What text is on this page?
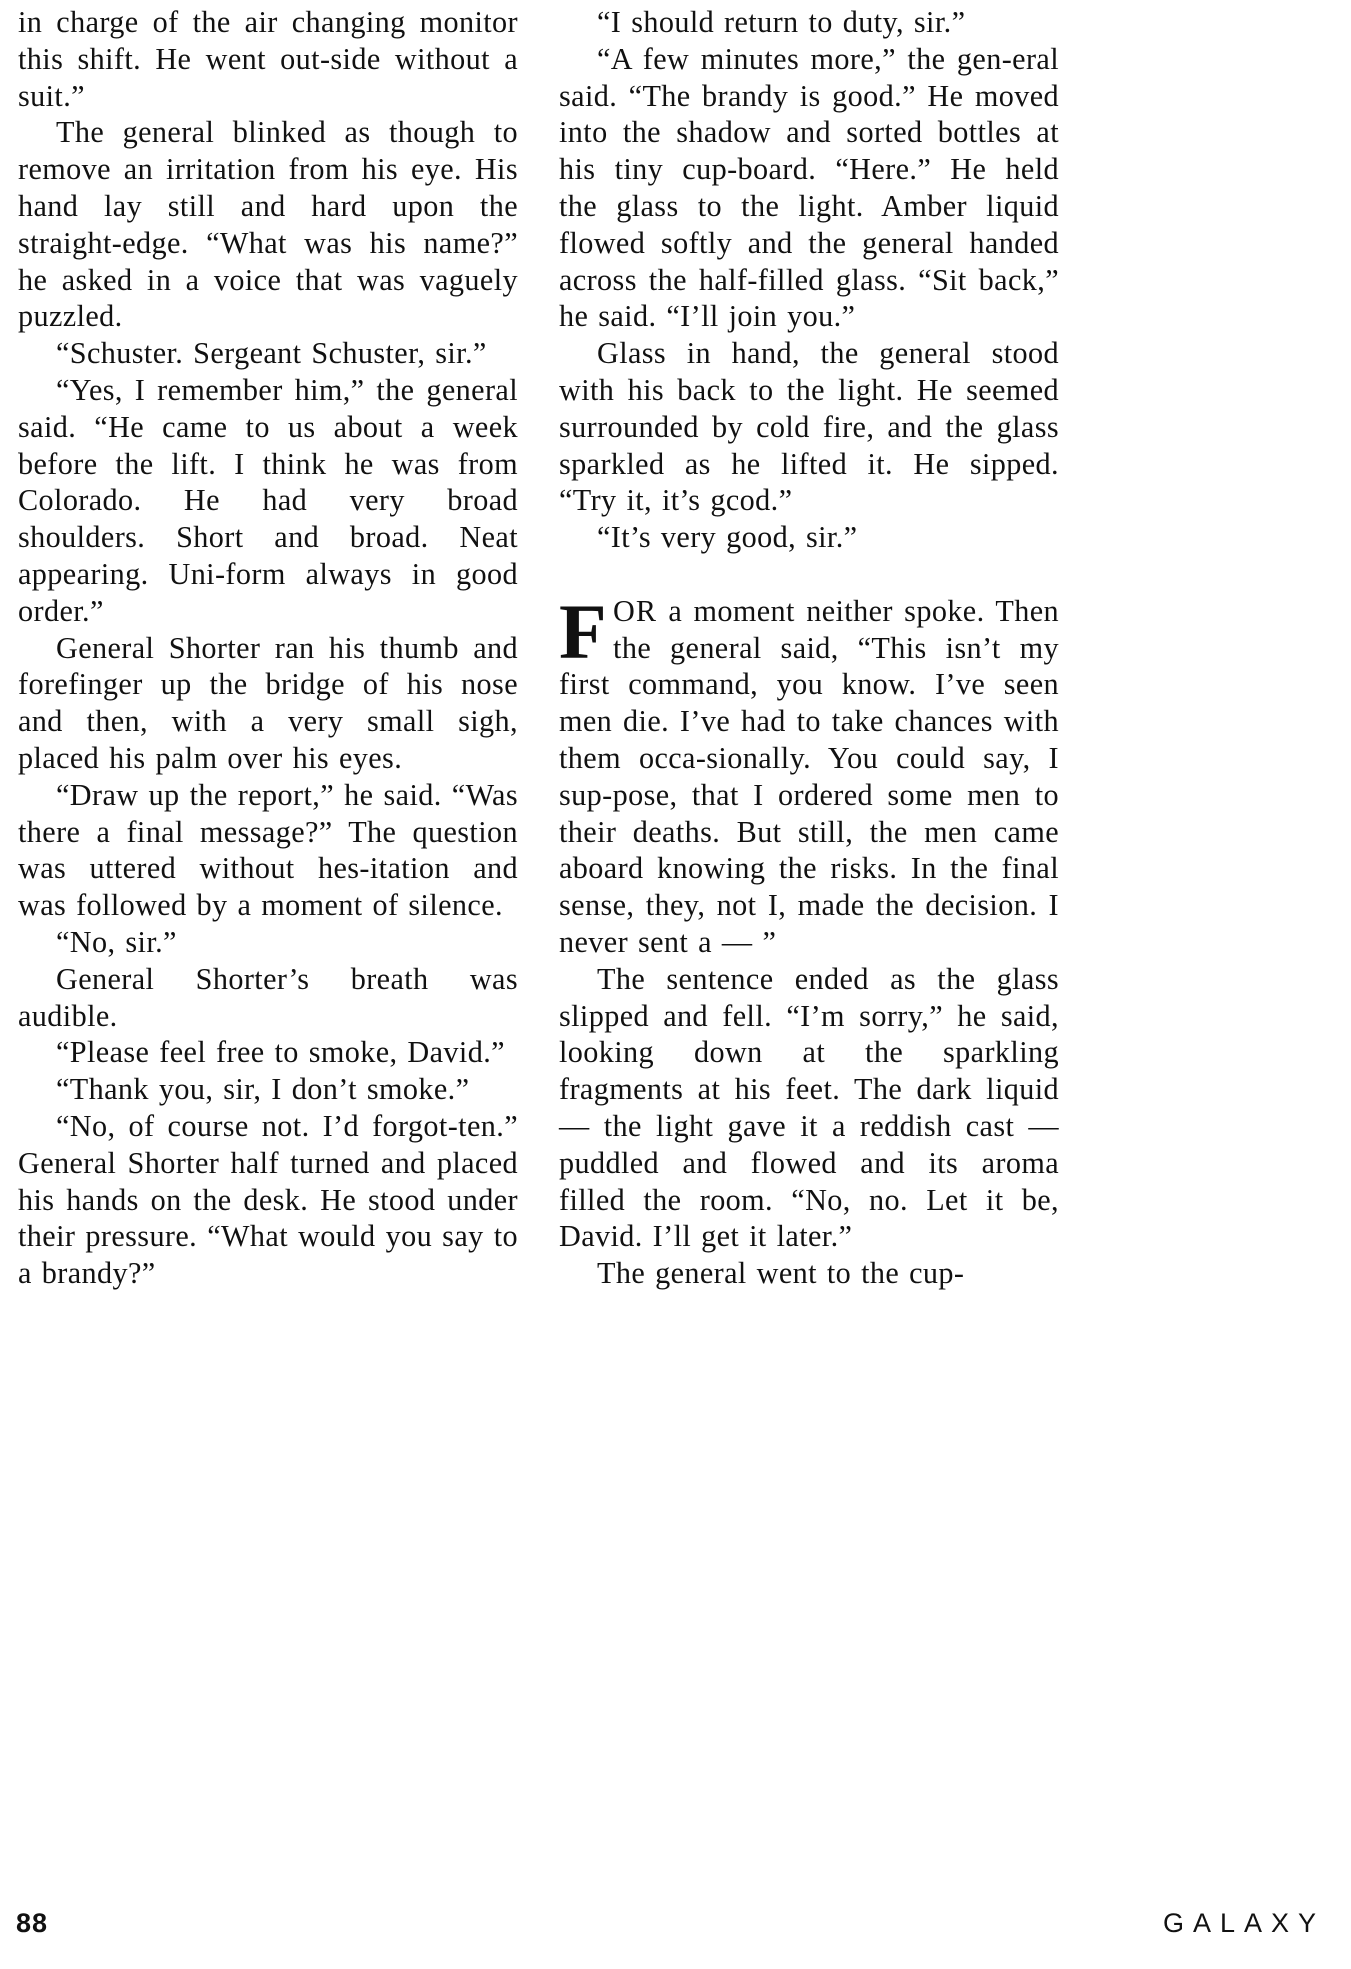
in charge of the air changing monitor this shift. He went out-side without a suit.”

The general blinked as though to remove an irritation from his eye. His hand lay still and hard upon the straight-edge. “What was his name?” he asked in a voice that was vaguely puzzled.

“Schuster. Sergeant Schuster, sir.”

“Yes, I remember him,” the general said. “He came to us about a week before the lift. I think he was from Colorado. He had very broad shoulders. Short and broad. Neat appearing. Uni-form always in good order.”

General Shorter ran his thumb and forefinger up the bridge of his nose and then, with a very small sigh, placed his palm over his eyes.

“Draw up the report,” he said. “Was there a final message?” The question was uttered without hes-itation and was followed by a moment of silence.

“No, sir.”

General Shorter’s breath was audible.

“Please feel free to smoke, David.”

“Thank you, sir, I don’t smoke.”

“No, of course not. I’d forgot-ten.” General Shorter half turned and placed his hands on the desk. He stood under their pressure. “What would you say to a brandy?”

“I should return to duty, sir.”

“A few minutes more,” the gen-eral said. “The brandy is good.” He moved into the shadow and sorted bottles at his tiny cup-board. “Here.” He held the glass to the light. Amber liquid flowed softly and the general handed across the half-filled glass. “Sit back,” he said. “I’ll join you.”

Glass in hand, the general stood with his back to the light. He seemed surrounded by cold fire, and the glass sparkled as he lifted it. He sipped. “Try it, it’s gcod.”

“It’s very good, sir.”

FOR a moment neither spoke. Then the general said, “This isn’t my first command, you know. I’ve seen men die. I’ve had to take chances with them occa-sionally. You could say, I sup-pose, that I ordered some men to their deaths. But still, the men came aboard knowing the risks. In the final sense, they, not I, made the decision. I never sent a — ”

The sentence ended as the glass slipped and fell. “I’m sorry,” he said, looking down at the sparkling fragments at his feet. The dark liquid — the light gave it a reddish cast — puddled and flowed and its aroma filled the room. “No, no. Let it be, David. I’ll get it later.”

The general went to the cup-

88	GALAXY
